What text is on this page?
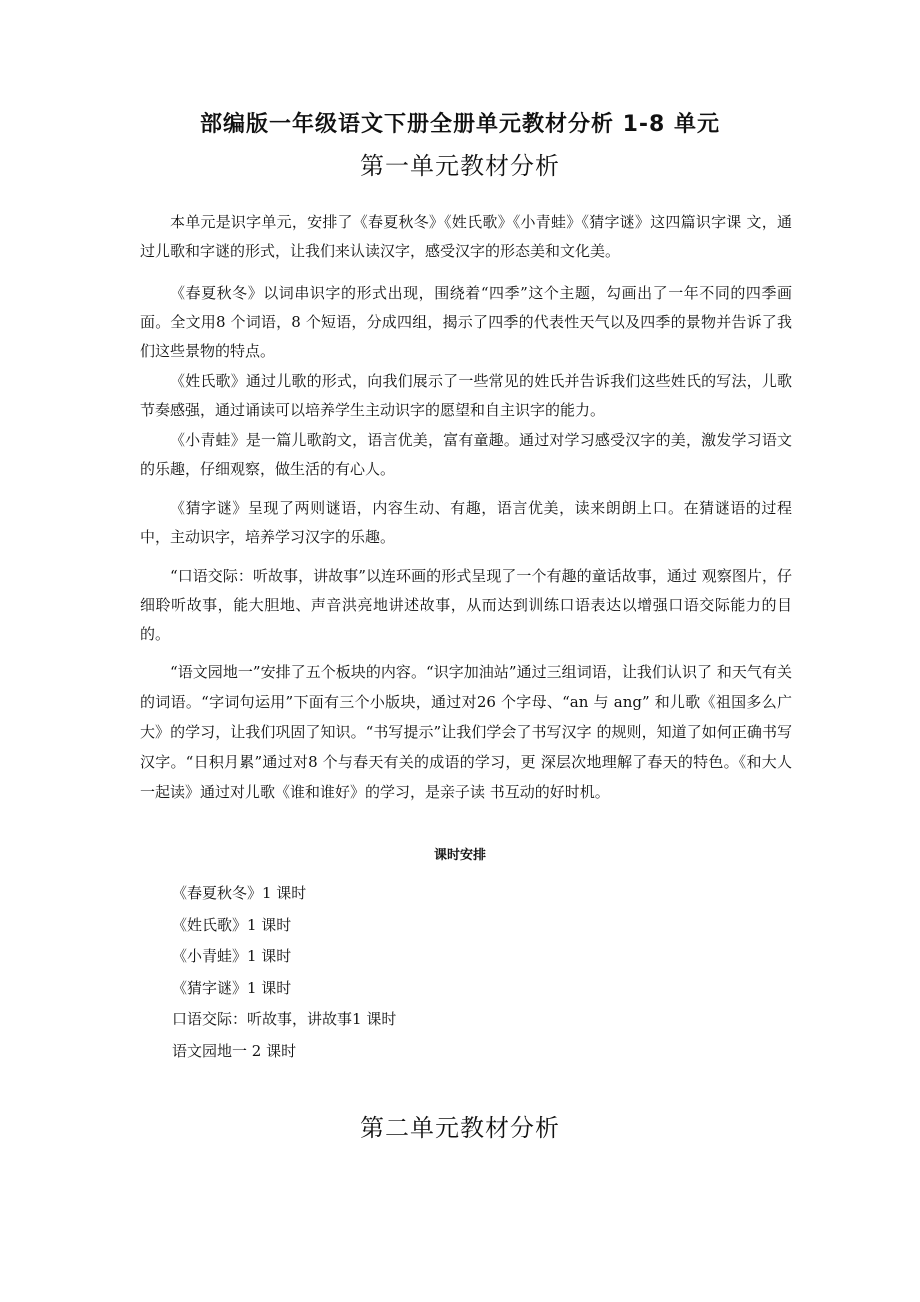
部编版一年级语文下册全册单元教材分析 1-8 单元
第一单元教材分析

本单元是识字单元，安排了《春夏秋冬》《姓氏歌》《小青蛙》《猜字谜》这四篇识字课 文，通过儿歌和字谜的形式，让我们来认读汉字，感受汉字的形态美和文化美。

《春夏秋冬》以词串识字的形式出现，围绕着“四季”这个主题，勾画出了一年不同的四季画面。全文用8 个词语，8 个短语，分成四组，揭示了四季的代表性天气以及四季的景物并告诉了我们这些景物的特点。

《姓氏歌》通过儿歌的形式，向我们展示了一些常见的姓氏并告诉我们这些姓氏的写法，儿歌节奏感强，通过诵读可以培养学生主动识字的愿望和自主识字的能力。

《小青蛙》是一篇儿歌韵文，语言优美，富有童趣。通过对学习感受汉字的美，激发学习语文的乐趣，仔细观察，做生活的有心人。

《猜字谜》呈现了两则谜语，内容生动、有趣，语言优美，读来朗朗上口。在猜谜语的过程中，主动识字，培养学习汉字的乐趣。

“口语交际：听故事，讲故事”以连环画的形式呈现了一个有趣的童话故事，通过 观察图片，仔 细聆听故事，能大胆地、声音洪亮地讲述故事，从而达到训练口语表达以增强口语交际能力的目的。

“语文园地一”安排了五个板块的内容。“识字加油站”通过三组词语，让我们认识了 和天气有关的词语。“字词句运用”下面有三个小版块，通过对26 个字母、“an 与 ang” 和儿歌《祖国多么广大》的学习，让我们巩固了知识。“书写提示”让我们学会了书写汉字 的规则，知道了如何正确书写汉字。“日积月累”通过对8 个与春天有关的成语的学习，更 深层次地理解了春天的特色。《和大人一起读》通过对儿歌《谁和谁好》的学习，是亲子读 书互动的好时机。

课时安排
《春夏秋冬》1 课时
《姓氏歌》1 课时
《小青蛙》1 课时
《猜字谜》1 课时
口语交际：听故事，讲故事1 课时
语文园地一 2 课时
第二单元教材分析
